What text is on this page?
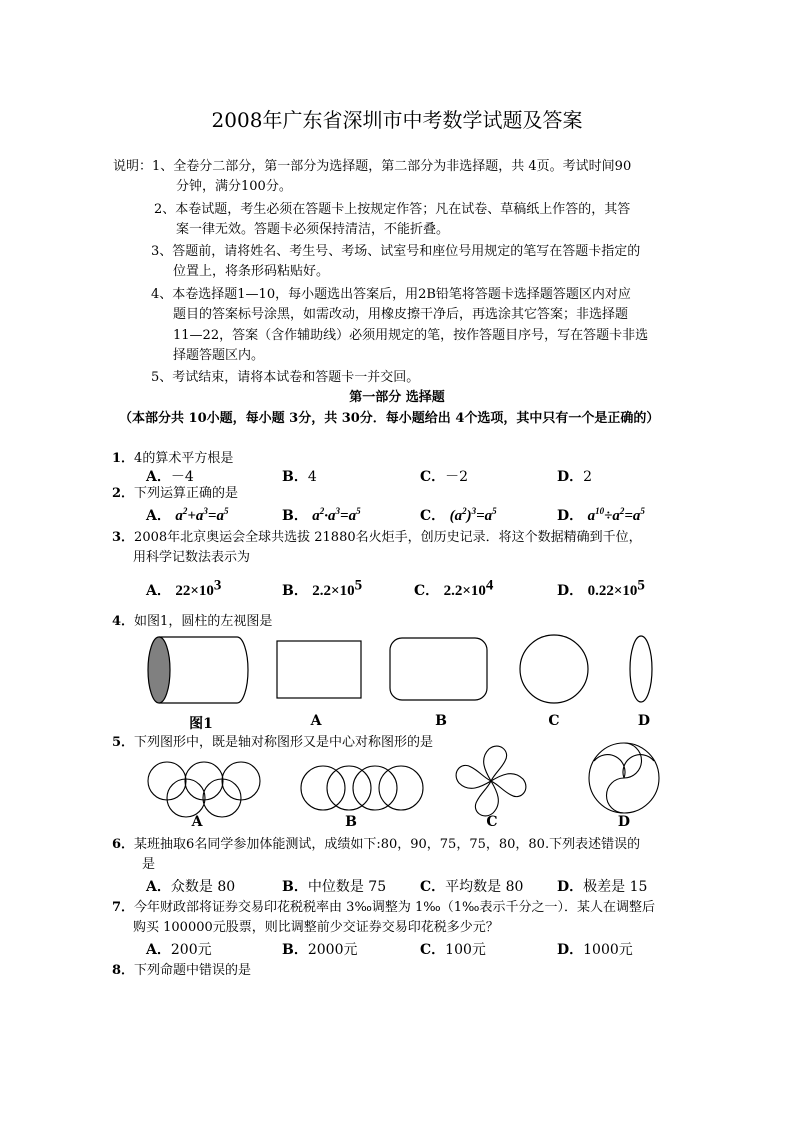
2008年广东省深圳市中考数学试题及答案
说明：1、全卷分二部分，第一部分为选择题，第二部分为非选择题，共 4页。考试时间90
分钟，满分100分。
2、本卷试题，考生必须在答题卡上按规定作答；凡在试卷、草稿纸上作答的，其答
案一律无效。答题卡必须保持清洁，不能折叠。
3、答题前，请将姓名、考生号、考场、试室号和座位号用规定的笔写在答题卡指定的
位置上，将条形码粘贴好。
4、本卷选择题1—10，每小题选出答案后，用2B铅笔将答题卡选择题答题区内对应
题目的答案标号涂黑，如需改动，用橡皮擦干净后，再选涂其它答案；非选择题
11—22，答案（含作辅助线）必须用规定的笔，按作答题目序号，写在答题卡非选
择题答题区内。
5、考试结束，请将本试卷和答题卡一并交回。
第一部分 选择题
（本部分共 10小题，每小题 3分，共 30分．每小题给出 4个选项，其中只有一个是正确的）
1．4的算术平方根是
A．－4	B．4	C．－2	D．2
2．下列运算正确的是
A． $a^2+a^3=a^5$	B． $a^2\cdot a^3=a^5$	C． $(a^2)^3=a^5$	D． $a^{10}\div a^2=a^5$
3．2008年北京奥运会全球共选拔 21880名火炬手，创历史记录．将这个数据精确到千位，
用科学记数法表示为
A． $22\times 10^3$	B． $2.2\times 10^5$	C． $2.2\times 10^4$	D． $0.22\times 10^5$
4．如图1，圆柱的左视图是
图1	A	B	C	D
5．下列图形中，既是轴对称图形又是中心对称图形的是
A	B	C	D
6．某班抽取6名同学参加体能测试，成绩如下:80，90，75，75，80，80.下列表述错误的
是
A．众数是 80	B．中位数是 75 C．平均数是 80 D．极差是 15
7．今年财政部将证券交易印花税税率由 3‰调整为 1‰（1‰表示千分之一）．某人在调整后
购买 100000元股票，则比调整前少交证券交易印花税多少元？
A．200元	B．2000元	C．100元	D．1000元
8．下列命题中错误的是
